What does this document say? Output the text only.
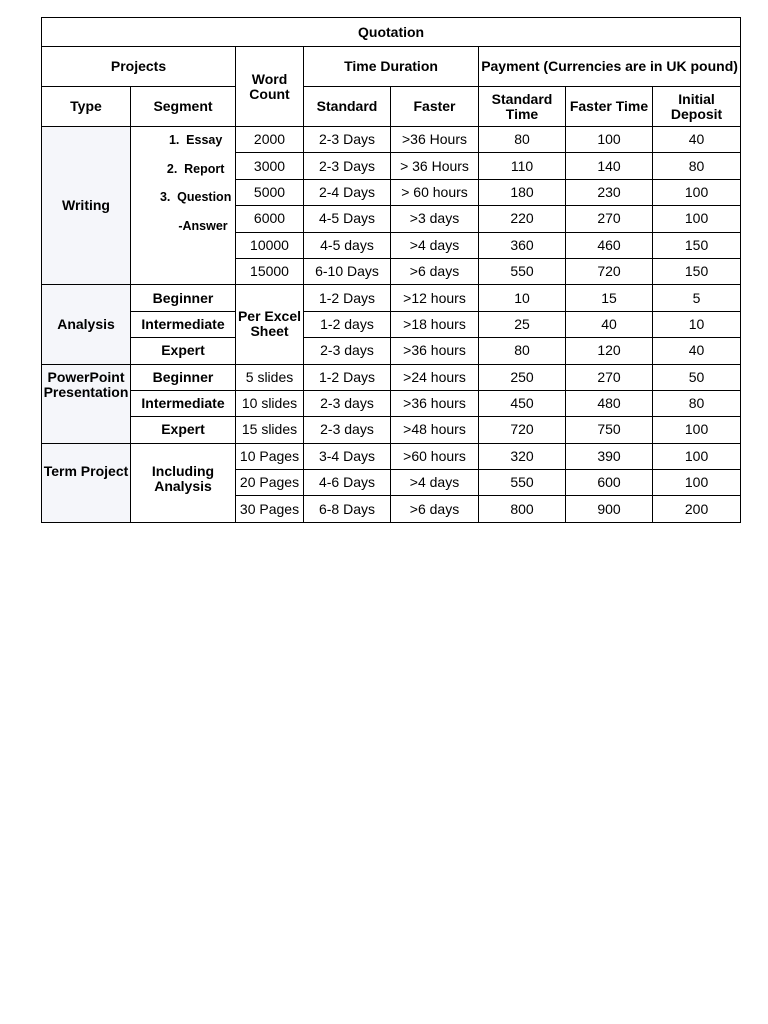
Quotation							
Projects		Word Count	Time Duration		Payment (Currencies are in UK pound)		
Type	Segment		Standard	Faster	Standard Time	Faster Time	Initial Deposit
Writing	1. Essay
2. Report
3. Question
-Answer	2000	2-3 Days	>36 Hours	80	100	40
		3000	2-3 Days	> 36 Hours	110	140	80
		5000	2-4 Days	> 60 hours	180	230	100
		6000	4-5 Days	>3 days	220	270	100
		10000	4-5 days	>4 days	360	460	150
		15000	6-10 Days	>6 days	550	720	150
Analysis	Beginner	Per Excel Sheet	1-2 Days	>12 hours	10	15	5
	Intermediate		1-2 days	>18 hours	25	40	10
	Expert		2-3 days	>36 hours	80	120	40
PowerPoint Presentation	Beginner	5 slides	1-2 Days	>24 hours	250	270	50
	Intermediate	10 slides	2-3 days	>36 hours	450	480	80
	Expert	15 slides	2-3 days	>48 hours	720	750	100
Term Project	Including Analysis	10 Pages	3-4 Days	>60 hours	320	390	100
		20 Pages	4-6 Days	>4 days	550	600	100
		30 Pages	6-8 Days	>6 days	800	900	200
